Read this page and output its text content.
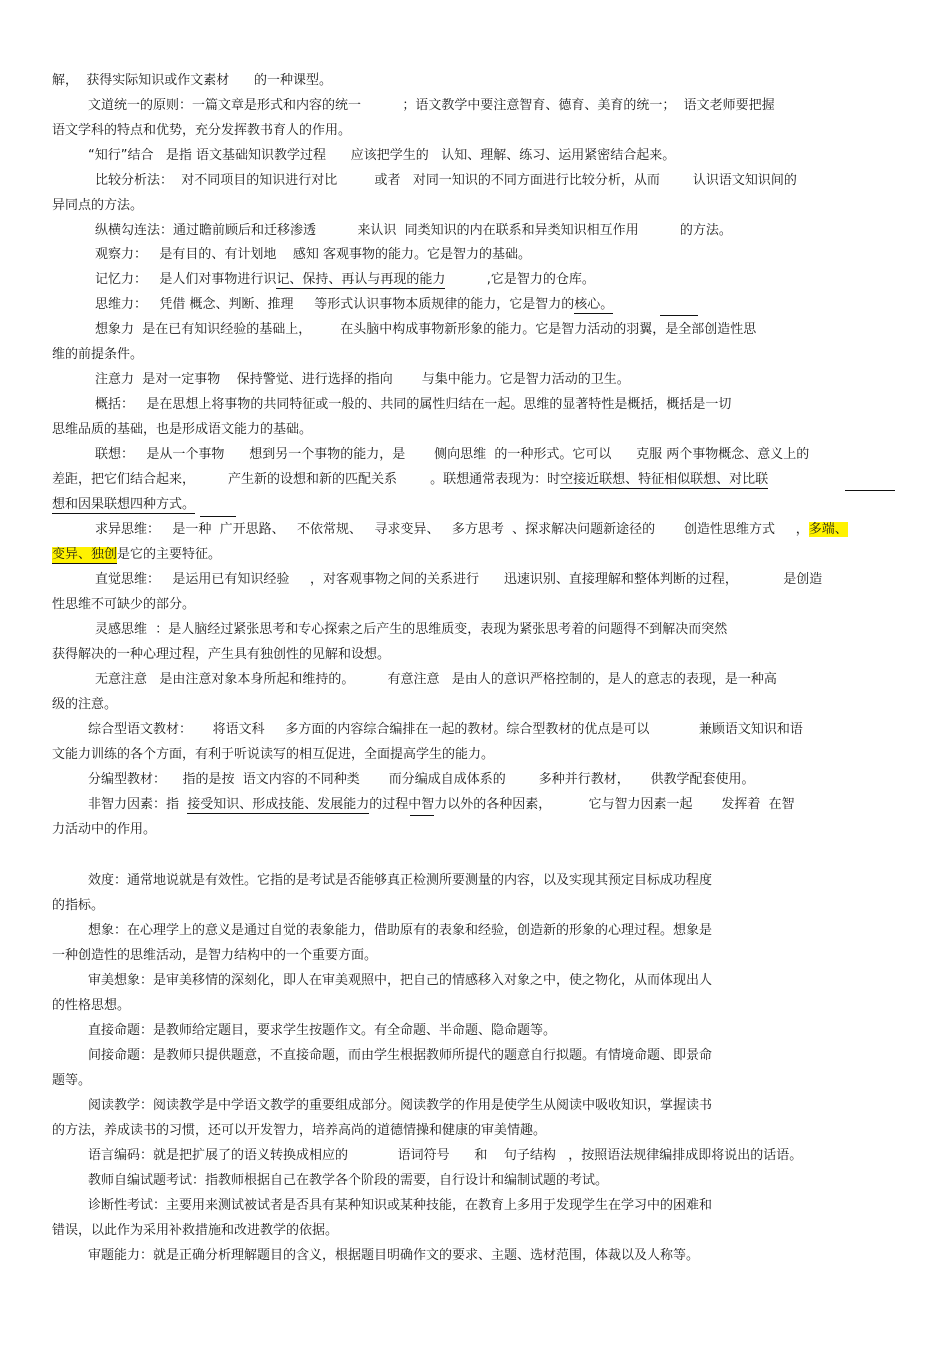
解，  获得实际知识或作文素材      的一种课型。
文道统一的原则：一篇文章是形式和内容的统一          ；语文教学中要注意智育、德育、美育的统一；  语文老师要把握
语文学科的特点和优势，充分发挥教书育人的作用。
“知行”结合   是指 语文基础知识教学过程      应该把学生的   认知、理解、练习、运用紧密结合起来。
比较分析法：  对不同项目的知识进行对比         或者   对同一知识的不同方面进行比较分析，从而        认识语文知识间的
异同点的方法。
纵横勾连法：通过瞻前顾后和迁移渗透          来认识  同类知识的内在联系和异类知识相互作用          的方法。
观察力：   是有目的、有计划地    感知 客观事物的能力。它是智力的基础。
记忆力：   是人们对事物进行识记、保持、再认与再现的能力          ,它是智力的仓库。
思维力：   凭借 概念、判断、推理     等形式认识事物本质规律的能力，它是智力的核心。
想象力  是在已有知识经验的基础上，       在头脑中构成事物新形象的能力。它是智力活动的羽翼，是全部创造性思
维的前提条件。
注意力  是对一定事物    保持警觉、进行选择的指向       与集中能力。它是智力活动的卫生。
概括：   是在思想上将事物的共同特征或一般的、共同的属性归结在一起。思维的显著特性是概括，概括是一切
思维品质的基础，也是形成语文能力的基础。
联想：   是从一个事物      想到另一个事物的能力，是       侧向思维  的一种形式。它可以      克服 两个事物概念、意义上的
差距，把它们结合起来，        产生新的设想和新的匹配关系        。联想通常表现为：时空接近联想、特征相似联想、对比联
想和因果联想四种方式。
求异思维：   是一种  广开思路、   不依常规、   寻求变异、   多方思考  、探求解决问题新途径的       创造性思维方式     ，多端、
变异、独创是它的主要特征。
直觉思维：   是运用已有知识经验     ，对客观事物之间的关系进行      迅速识别、直接理解和整体判断的过程，           是创造
性思维不可缺少的部分。
灵感思维  ：是人脑经过紧张思考和专心探索之后产生的思维质变，表现为紧张思考着的问题得不到解决而突然
获得解决的一种心理过程，产生具有独创性的见解和设想。
无意注意   是由注意对象本身所起和维持的。        有意注意   是由人的意识严格控制的，是人的意志的表现，是一种高
级的注意。
综合型语文教材：     将语文科     多方面的内容综合编排在一起的教材。综合型教材的优点是可以            兼顾语文知识和语
文能力训练的各个方面，有利于听说读写的相互促进，全面提高学生的能力。
分编型教材：    指的是按  语文内容的不同种类       而分编成自成体系的        多种并行教材，     供教学配套使用。
非智力因素：指 接受知识、形成技能、发展能力的过程中智力以外的各种因素，         它与智力因素一起       发挥着  在智
力活动中的作用。
效度：通常地说就是有效性。它指的是考试是否能够真正检测所要测量的内容，以及实现其预定目标成功程度
的指标。
想象：在心理学上的意义是通过自觉的表象能力，借助原有的表象和经验，创造新的形象的心理过程。想象是
一种创造性的思维活动，是智力结构中的一个重要方面。
审美想象：是审美移情的深刻化，即人在审美观照中，把自己的情感移入对象之中，使之物化，从而体现出人
的性格思想。
直接命题：是教师给定题目，要求学生按题作文。有全命题、半命题、隐命题等。
间接命题：是教师只提供题意，不直接命题，而由学生根据教师所提代的题意自行拟题。有情境命题、即景命
题等。
阅读教学：阅读教学是中学语文教学的重要组成部分。阅读教学的作用是使学生从阅读中吸收知识，掌握读书
的方法，养成读书的习惯，还可以开发智力，培养高尚的道德情操和健康的审美情趣。
语言编码：就是把扩展了的语义转换成相应的            语词符号      和    句子结构   ，按照语法规律编排成即将说出的话语。
教师自编试题考试：指教师根据自己在教学各个阶段的需要，自行设计和编制试题的考试。
诊断性考试：主要用来测试被试者是否具有某种知识或某种技能，在教育上多用于发现学生在学习中的困难和
错误，以此作为采用补救措施和改进教学的依据。
审题能力：就是正确分析理解题目的含义，根据题目明确作文的要求、主题、选材范围，体裁以及人称等。
